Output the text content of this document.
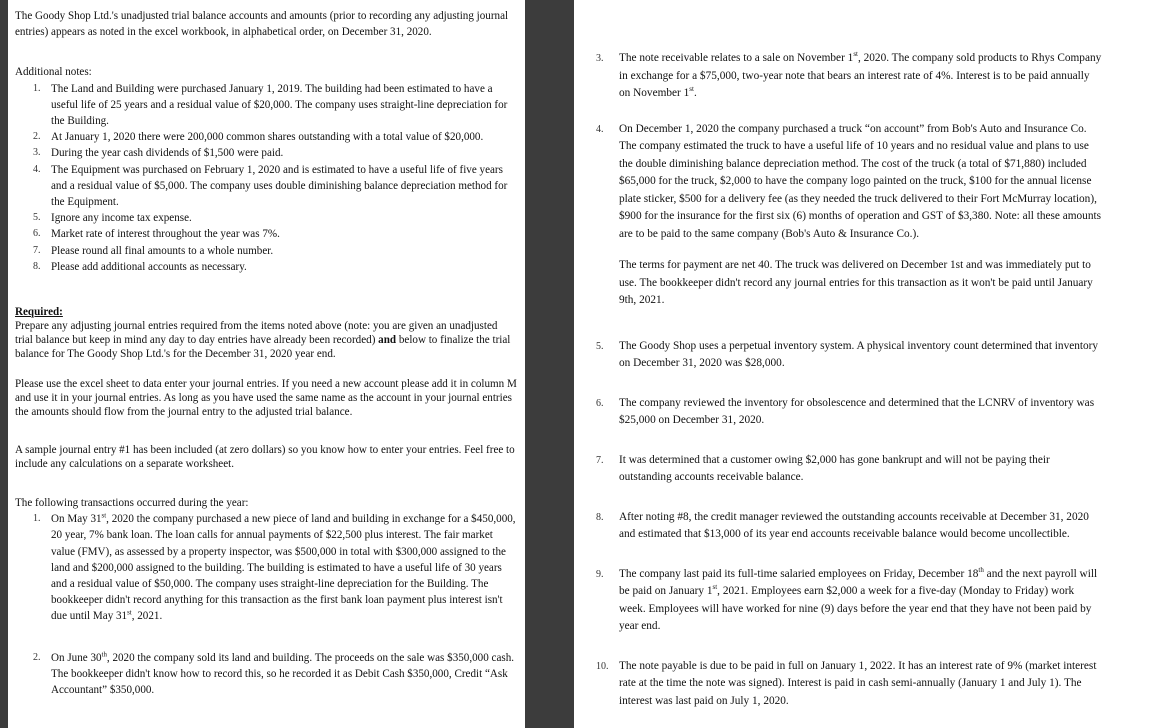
The Goody Shop Ltd.'s unadjusted trial balance accounts and amounts (prior to recording any adjusting journal entries) appears as noted in the excel workbook, in alphabetical order, on December 31, 2020.

Additional notes:

1. The Land and Building were purchased January 1, 2019. The building had been estimated to have a useful life of 25 years and a residual value of $20,000. The company uses straight-line depreciation for the Building.
2. At January 1, 2020 there were 200,000 common shares outstanding with a total value of $20,000.
3. During the year cash dividends of $1,500 were paid.
4. The Equipment was purchased on February 1, 2020 and is estimated to have a useful life of five years and a residual value of $5,000. The company uses double diminishing balance depreciation method for the Equipment.
5. Ignore any income tax expense.
6. Market rate of interest throughout the year was 7%.
7. Please round all final amounts to a whole number.
8. Please add additional accounts as necessary.

Required:
Prepare any adjusting journal entries required from the items noted above (note: you are given an unadjusted trial balance but keep in mind any day to day entries have already been recorded) and below to finalize the trial balance for The Goody Shop Ltd.'s for the December 31, 2020 year end.

Please use the excel sheet to data enter your journal entries. If you need a new account please add it in column M and use it in your journal entries. As long as you have used the same name as the account in your journal entries the amounts should flow from the journal entry to the adjusted trial balance.

A sample journal entry #1 has been included (at zero dollars) so you know how to enter your entries. Feel free to include any calculations on a separate worksheet.

The following transactions occurred during the year:

1. On May 31st, 2020 the company purchased a new piece of land and building in exchange for a $450,000, 20 year, 7% bank loan. The loan calls for annual payments of $22,500 plus interest. The fair market value (FMV), as assessed by a property inspector, was $500,000 in total with $300,000 assigned to the land and $200,000 assigned to the building. The building is estimated to have a useful life of 30 years and a residual value of $50,000. The company uses straight-line depreciation for the Building. The bookkeeper didn't record anything for this transaction as the first bank loan payment plus interest isn't due until May 31st, 2021.
2. On June 30th, 2020 the company sold its land and building. The proceeds on the sale was $350,000 cash. The bookkeeper didn't know how to record this, so he recorded it as Debit Cash $350,000, Credit “Ask Accountant” $350,000.
3. The note receivable relates to a sale on November 1st, 2020. The company sold products to Rhys Company in exchange for a $75,000, two-year note that bears an interest rate of 4%. Interest is to be paid annually on November 1st.
4. On December 1, 2020 the company purchased a truck “on account” from Bob's Auto and Insurance Co. The company estimated the truck to have a useful life of 10 years and no residual value and plans to use the double diminishing balance depreciation method. The cost of the truck (a total of $71,880) included $65,000 for the truck, $2,000 to have the company logo painted on the truck, $100 for the annual license plate sticker, $500 for a delivery fee (as they needed the truck delivered to their Fort McMurray location), $900 for the insurance for the first six (6) months of operation and GST of $3,380. Note: all these amounts are to be paid to the same company (Bob's Auto & Insurance Co.).

The terms for payment are net 40. The truck was delivered on December 1st and was immediately put to use. The bookkeeper didn't record any journal entries for this transaction as it won't be paid until January 9th, 2021.

5. The Goody Shop uses a perpetual inventory system. A physical inventory count determined that inventory on December 31, 2020 was $28,000.
6. The company reviewed the inventory for obsolescence and determined that the LCNRV of inventory was $25,000 on December 31, 2020.
7. It was determined that a customer owing $2,000 has gone bankrupt and will not be paying their outstanding accounts receivable balance.
8. After noting #8, the credit manager reviewed the outstanding accounts receivable at December 31, 2020 and estimated that $13,000 of its year end accounts receivable balance would become uncollectible.
9. The company last paid its full-time salaried employees on Friday, December 18th and the next payroll will be paid on January 1st, 2021. Employees earn $2,000 a week for a five-day (Monday to Friday) work week. Employees will have worked for nine (9) days before the year end that they have not been paid by year end.
10. The note payable is due to be paid in full on January 1, 2022. It has an interest rate of 9% (market interest rate at the time the note was signed). Interest is paid in cash semi-annually (January 1 and July 1). The interest was last paid on July 1, 2020.
